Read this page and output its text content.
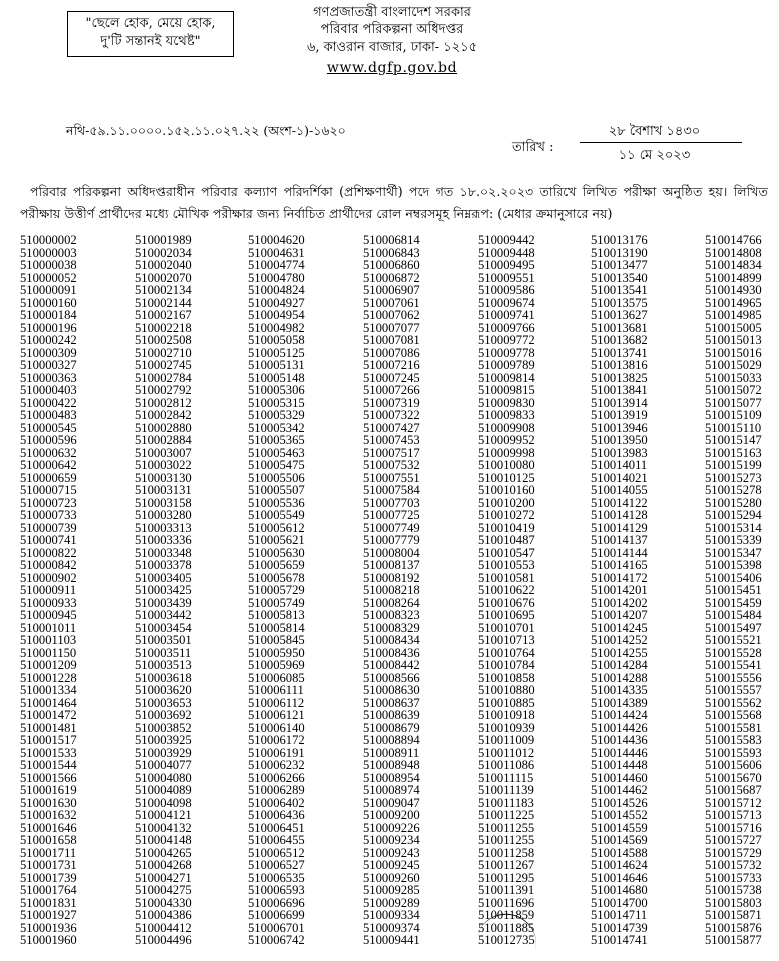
"ছেলে হোক, মেয়ে হোক,
দু'টি সন্তানই যথেষ্ট"
গণপ্রজাতন্ত্রী বাংলাদেশ সরকার
পরিবার পরিকল্পনা অধিদপ্তর
৬, কাওরান বাজার, ঢাকা- ১২১৫
www.dgfp.gov.bd
নথি-৫৯.১১.০০০০.১৫২.১১.০২৭.২২ (অংশ-১)-১৬২০
তারিখ :
২৮ বৈশাখ ১৪৩০
১১ মে ২০২৩
পরিবার পরিকল্পনা অধিদপ্তরাধীন পরিবার কল্যাণ পরিদর্শিকা (প্রশিক্ষণার্থী) পদে গত ১৮.০২.২০২৩ তারিখে লিখিত পরীক্ষা অনুষ্ঠিত হয়। লিখিত পরীক্ষায় উত্তীর্ণ প্রার্থীদের মধ্যে মৌখিক পরীক্ষার জন্য নির্বাচিত প্রার্থীদের রোল নম্বরসমূহ নিম্নরূপ: (মেধার ক্রমানুসারে নয়)
510000002
510000003
510000038
510000052
510000091
510000160
510000184
510000196
510000242
510000309
510000327
510000363
510000403
510000422
510000483
510000545
510000596
510000632
510000642
510000659
510000715
510000723
510000733
510000739
510000741
510000822
510000842
510000902
510000911
510000933
510000945
510001011
510001103
510001150
510001209
510001228
510001334
510001464
510001472
510001481
510001517
510001533
510001544
510001566
510001619
510001630
510001632
510001646
510001658
510001711
510001731
510001739
510001764
510001831
510001927
510001936
510001960
510001989
510002034
510002040
510002070
510002134
510002144
510002167
510002218
510002508
510002710
510002745
510002784
510002792
510002812
510002842
510002880
510002884
510003007
510003022
510003130
510003131
510003158
510003280
510003313
510003336
510003348
510003378
510003405
510003425
510003439
510003442
510003454
510003501
510003511
510003513
510003618
510003620
510003653
510003692
510003852
510003925
510003929
510004077
510004080
510004089
510004098
510004121
510004132
510004148
510004265
510004268
510004271
510004275
510004330
510004386
510004412
510004496
510004620
510004631
510004774
510004780
510004824
510004927
510004954
510004982
510005058
510005125
510005131
510005148
510005306
510005315
510005329
510005342
510005365
510005463
510005475
510005506
510005507
510005536
510005549
510005612
510005621
510005630
510005659
510005678
510005729
510005749
510005813
510005814
510005845
510005950
510005969
510006085
510006111
510006112
510006121
510006140
510006172
510006191
510006232
510006266
510006289
510006402
510006436
510006451
510006455
510006512
510006527
510006535
510006593
510006696
510006699
510006701
510006742
510006814
510006843
510006860
510006872
510006907
510007061
510007062
510007077
510007081
510007086
510007216
510007245
510007266
510007319
510007322
510007427
510007453
510007517
510007532
510007551
510007584
510007703
510007725
510007749
510007779
510008004
510008137
510008192
510008218
510008264
510008323
510008329
510008434
510008436
510008442
510008566
510008630
510008637
510008639
510008679
510008894
510008911
510008948
510008954
510008974
510009047
510009200
510009226
510009234
510009243
510009245
510009260
510009285
510009289
510009334
510009374
510009441
510009442
510009448
510009495
510009551
510009586
510009674
510009741
510009766
510009772
510009778
510009789
510009814
510009815
510009830
510009833
510009908
510009952
510009998
510010080
510010125
510010160
510010200
510010272
510010419
510010487
510010547
510010553
510010581
510010622
510010676
510010695
510010701
510010713
510010764
510010784
510010858
510010880
510010885
510010918
510010939
510011009
510011012
510011086
510011115
510011139
510011183
510011225
510011255
510011255
510011258
510011267
510011295
510011391
510011696
510011859
510011885
510012735
510013176
510013190
510013477
510013540
510013541
510013575
510013627
510013681
510013682
510013741
510013816
510013825
510013841
510013914
510013919
510013946
510013950
510013983
510014011
510014021
510014055
510014122
510014128
510014129
510014137
510014144
510014165
510014172
510014201
510014202
510014207
510014245
510014252
510014255
510014284
510014288
510014335
510014389
510014424
510014426
510014436
510014446
510014448
510014460
510014462
510014526
510014552
510014559
510014569
510014588
510014624
510014646
510014680
510014700
510014711
510014739
510014741
510014766
510014808
510014834
510014899
510014930
510014965
510014985
510015005
510015013
510015016
510015029
510015033
510015072
510015077
510015109
510015110
510015147
510015163
510015199
510015273
510015278
510015280
510015294
510015314
510015339
510015347
510015398
510015406
510015451
510015459
510015484
510015497
510015521
510015528
510015541
510015556
510015557
510015562
510015568
510015581
510015583
510015593
510015606
510015670
510015687
510015712
510015713
510015716
510015727
510015729
510015732
510015733
510015738
510015803
510015871
510015876
510015877
